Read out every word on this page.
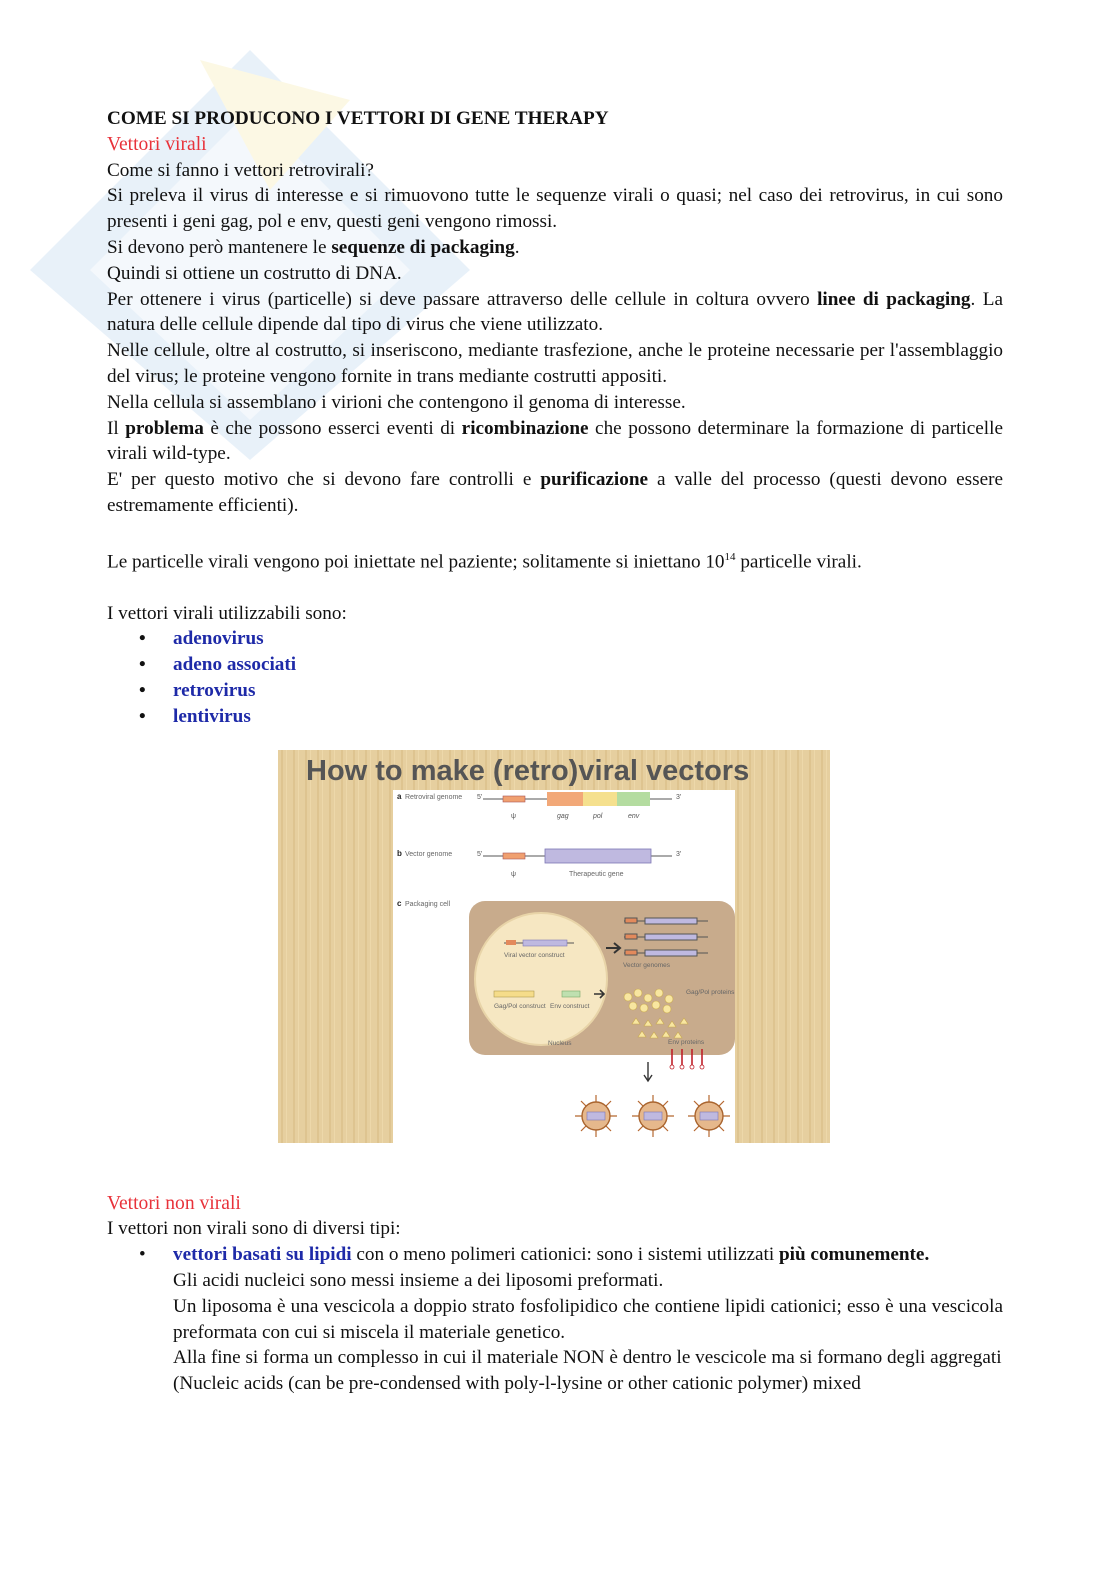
COME SI PRODUCONO I VETTORI DI GENE THERAPY

Vettori virali

Come si fanno i vettori retrovirali?

Si preleva il virus di interesse e si rimuovono tutte le sequenze virali o quasi; nel caso dei retrovirus, in cui sono presenti i geni gag, pol e env, questi geni vengono rimossi.

Si devono però mantenere le sequenze di packaging.

Quindi si ottiene un costrutto di DNA.

Per ottenere i virus (particelle) si deve passare attraverso delle cellule in coltura ovvero linee di packaging. La natura delle cellule dipende dal tipo di virus che viene utilizzato.

Nelle cellule, oltre al costrutto, si inseriscono, mediante trasfezione, anche le proteine necessarie per l'assemblaggio del virus; le proteine vengono fornite in trans mediante costrutti appositi.

Nella cellula si assemblano i virioni che contengono il genoma di interesse.

Il problema è che possono esserci eventi di ricombinazione che possono determinare la formazione di particelle virali wild-type.

E' per questo motivo che si devono fare controlli e purificazione a valle del processo (questi devono essere estremamente efficienti).

Le particelle virali vengono poi iniettate nel paziente; solitamente si iniettano $10^{14}$ particelle virali.

I vettori virali utilizzabili sono:

• adenovirus
• adeno associati
• retrovirus
• lentivirus
How to make (retro)viral vectors
a Retroviral genome 5'	3'
ψ	gag	pol	env
b Vector genome	5'	3'
ψ	Therapeutic gene
c Packaging cell
Viral vector construct
Gag/Pol construct Env construct
Nucleus
Vector genomes
Gag/Pol proteins
Env proteins

Vettori non virali

I vettori non virali sono di diversi tipi:

• vettori basati su lipidi con o meno polimeri cationici: sono i sistemi utilizzati più comunemente.

Gli acidi nucleici sono messi insieme a dei liposomi preformati.

Un liposoma è una vescicola a doppio strato fosfolipidico che contiene lipidi cationici; esso è una vescicola preformata con cui si miscela il materiale genetico.

Alla fine si forma un complesso in cui il materiale NON è dentro le vescicole ma si formano degli aggregati

(Nucleic acids (can be pre-condensed with poly-l-lysine or other cationic polymer) mixed
